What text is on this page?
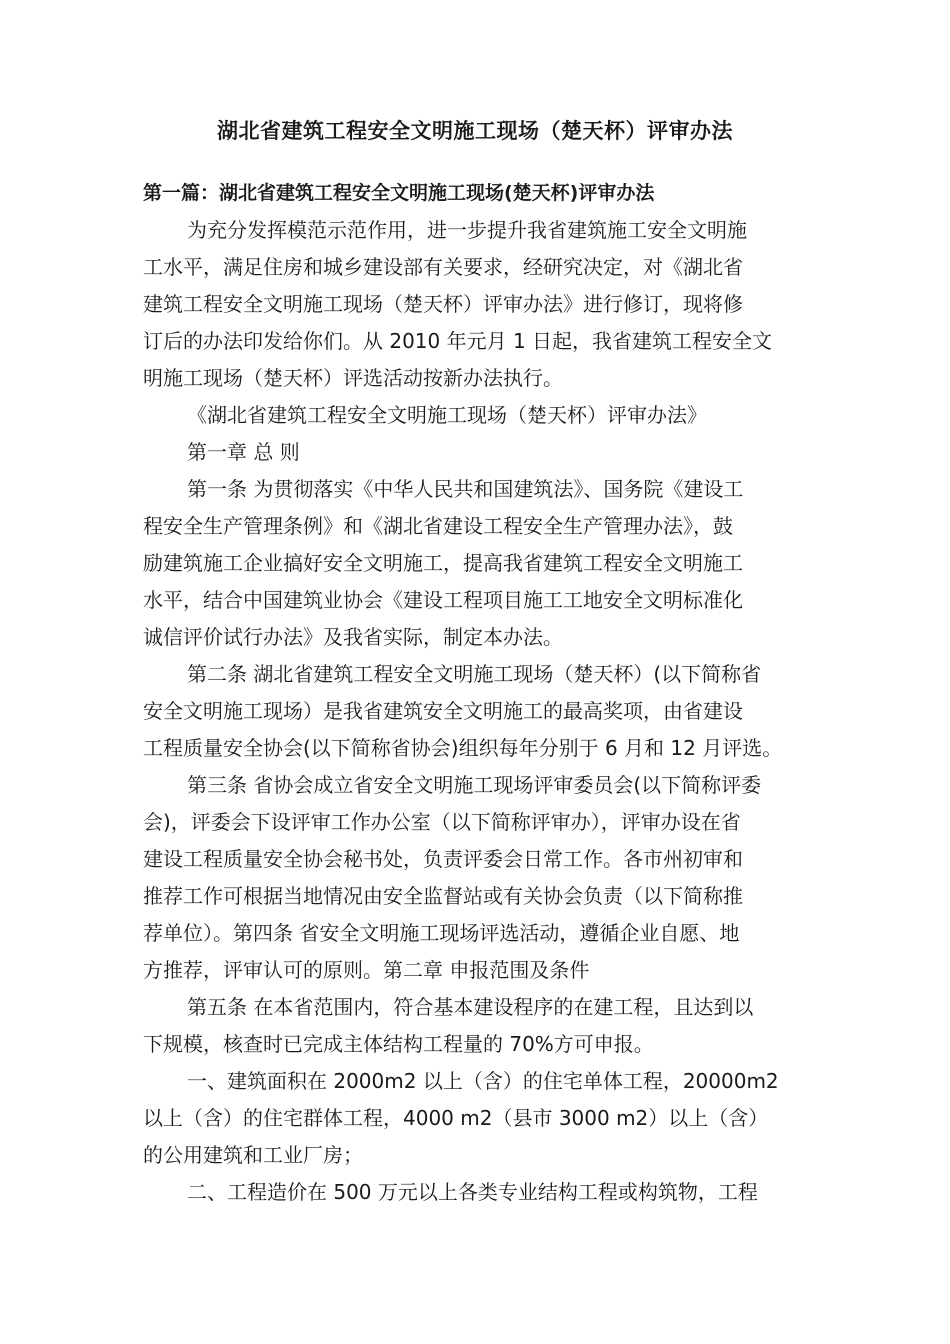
湖北省建筑工程安全文明施工现场（楚天杯）评审办法
第一篇：湖北省建筑工程安全文明施工现场(楚天杯)评审办法
为充分发挥模范示范作用，进一步提升我省建筑施工安全文明施
工水平，满足住房和城乡建设部有关要求，经研究决定，对《湖北省
建筑工程安全文明施工现场（楚天杯）评审办法》进行修订，现将修
订后的办法印发给你们。从 2010 年元月 1 日起，我省建筑工程安全文
明施工现场（楚天杯）评选活动按新办法执行。
《湖北省建筑工程安全文明施工现场（楚天杯）评审办法》
第一章 总 则
第一条 为贯彻落实《中华人民共和国建筑法》、国务院《建设工
程安全生产管理条例》和《湖北省建设工程安全生产管理办法》，鼓
励建筑施工企业搞好安全文明施工，提高我省建筑工程安全文明施工
水平，结合中国建筑业协会《建设工程项目施工工地安全文明标准化
诚信评价试行办法》及我省实际，制定本办法。
第二条 湖北省建筑工程安全文明施工现场（楚天杯）(以下简称省
安全文明施工现场）是我省建筑安全文明施工的最高奖项，由省建设
工程质量安全协会(以下简称省协会)组织每年分别于 6 月和 12 月评选。
第三条 省协会成立省安全文明施工现场评审委员会(以下简称评委
会)，评委会下设评审工作办公室（以下简称评审办），评审办设在省
建设工程质量安全协会秘书处，负责评委会日常工作。各市州初审和
推荐工作可根据当地情况由安全监督站或有关协会负责（以下简称推
荐单位）。第四条 省安全文明施工现场评选活动，遵循企业自愿、地
方推荐，评审认可的原则。第二章 申报范围及条件
第五条 在本省范围内，符合基本建设程序的在建工程，且达到以
下规模，核查时已完成主体结构工程量的 70%方可申报。
一、建筑面积在 2000m2 以上（含）的住宅单体工程，20000m2
以上（含）的住宅群体工程，4000 m2（县市 3000 m2）以上（含）
的公用建筑和工业厂房；
二、工程造价在 500 万元以上各类专业结构工程或构筑物，工程
